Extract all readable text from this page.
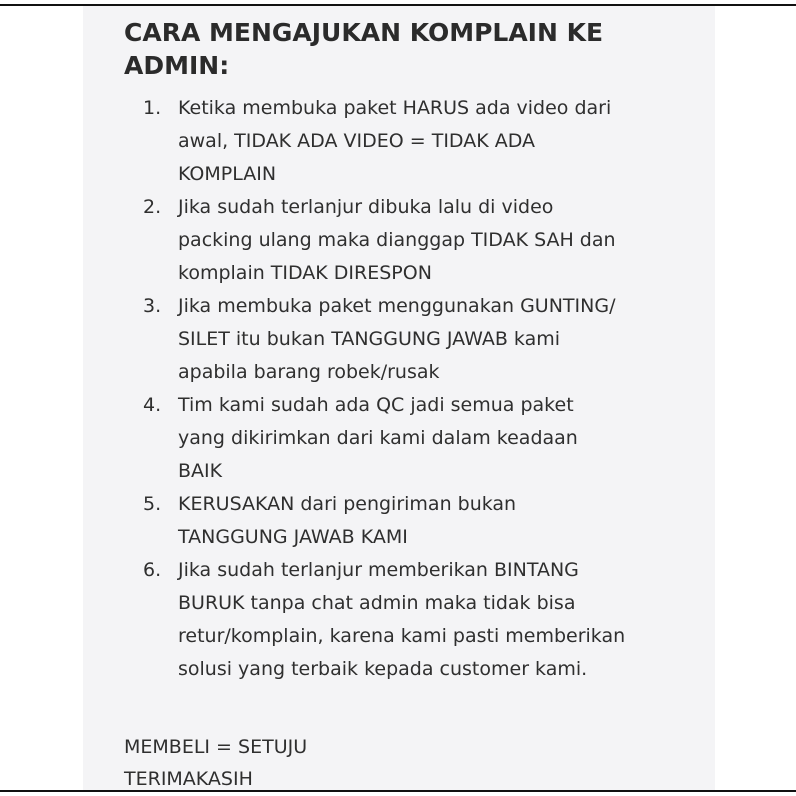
CARA MENGAJUKAN KOMPLAIN KE
ADMIN:
1. Ketika membuka paket HARUS ada video dari
awal, TIDAK ADA VIDEO = TIDAK ADA
KOMPLAIN
2. Jika sudah terlanjur dibuka lalu di video
packing ulang maka dianggap TIDAK SAH dan
komplain TIDAK DIRESPON
3. Jika membuka paket menggunakan GUNTING/
SILET itu bukan TANGGUNG JAWAB kami
apabila barang robek/rusak
4. Tim kami sudah ada QC jadi semua paket
yang dikirimkan dari kami dalam keadaan
BAIK
5. KERUSAKAN dari pengiriman bukan
TANGGUNG JAWAB KAMI
6. Jika sudah terlanjur memberikan BINTANG
BURUK tanpa chat admin maka tidak bisa
retur/komplain, karena kami pasti memberikan
solusi yang terbaik kepada customer kami.
MEMBELI = SETUJU
TERIMAKASIH
